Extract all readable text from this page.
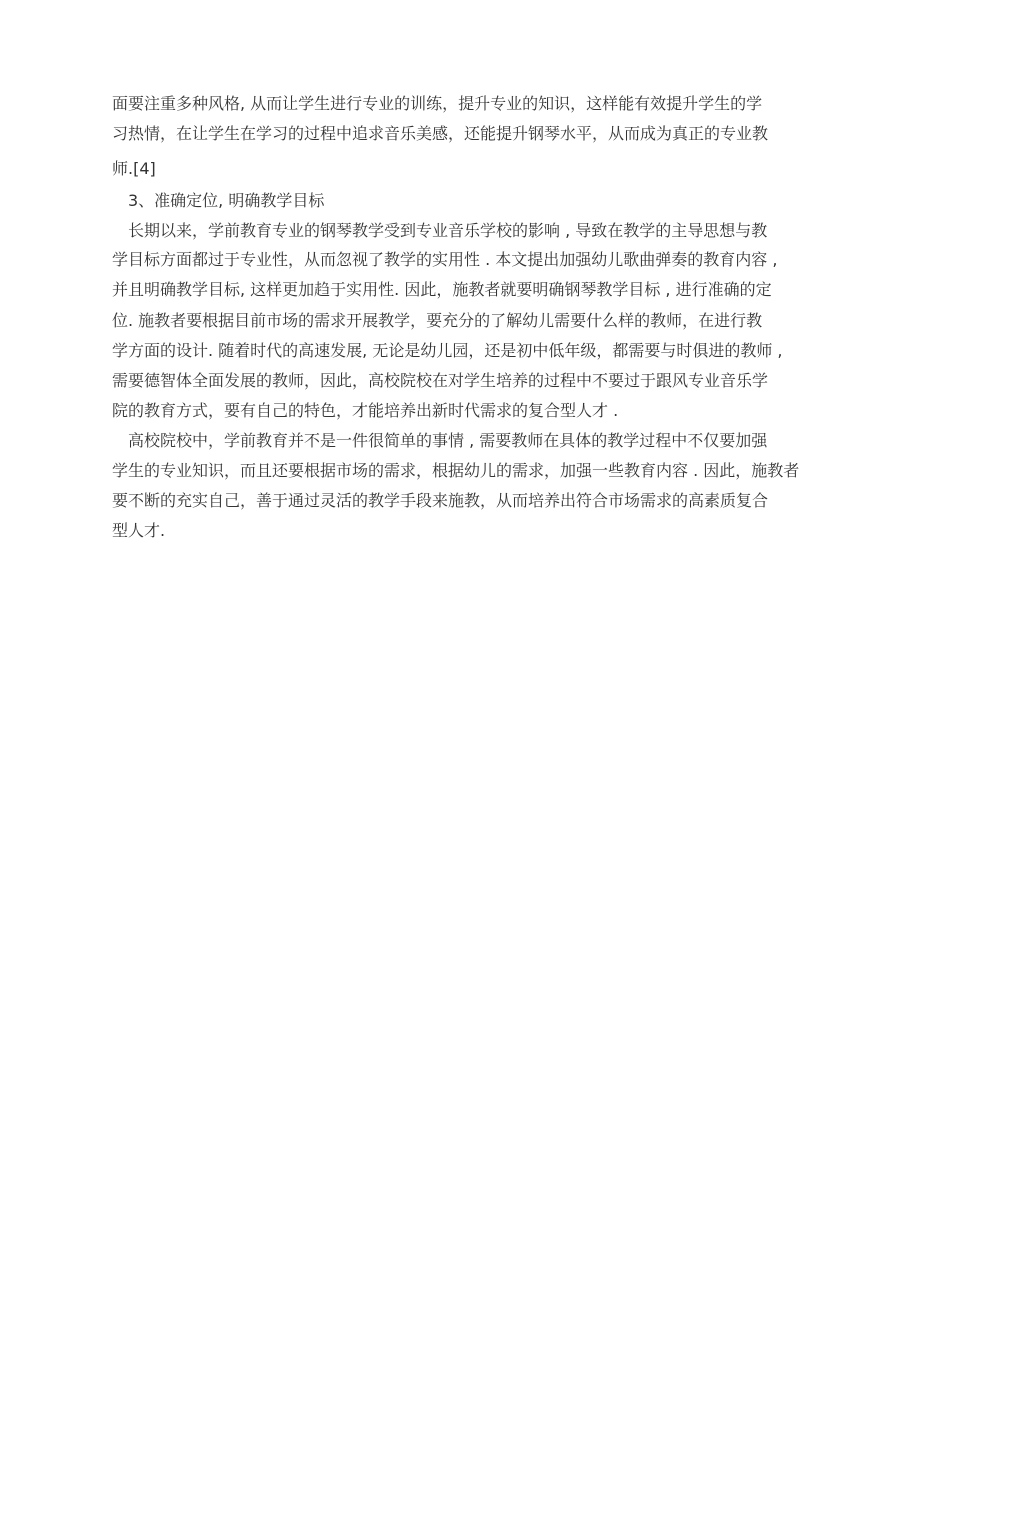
面要注重多种风格, 从而让学生进行专业的训练，提升专业的知识，这样能有效提升学生的学
习热情，在让学生在学习的过程中追求音乐美感，还能提升钢琴水平，从而成为真正的专业教
师.[4]
3、准确定位, 明确教学目标
长期以来，学前教育专业的钢琴教学受到专业音乐学校的影响 , 导致在教学的主导思想与教
学目标方面都过于专业性，从而忽视了教学的实用性 . 本文提出加强幼儿歌曲弹奏的教育内容 ,
并且明确教学目标, 这样更加趋于实用性. 因此，施教者就要明确钢琴教学目标 , 进行准确的定
位. 施教者要根据目前市场的需求开展教学，要充分的了解幼儿需要什么样的教师，在进行教
学方面的设计. 随着时代的高速发展, 无论是幼儿园，还是初中低年级，都需要与时俱进的教师 ,
需要德智体全面发展的教师，因此，高校院校在对学生培养的过程中不要过于跟风专业音乐学
院的教育方式，要有自己的特色，才能培养出新时代需求的复合型人才 .
高校院校中，学前教育并不是一件很简单的事情 , 需要教师在具体的教学过程中不仅要加强
学生的专业知识，而且还要根据市场的需求，根据幼儿的需求，加强一些教育内容 . 因此，施教者
要不断的充实自己，善于通过灵活的教学手段来施教，从而培养出符合市场需求的高素质复合
型人才.
